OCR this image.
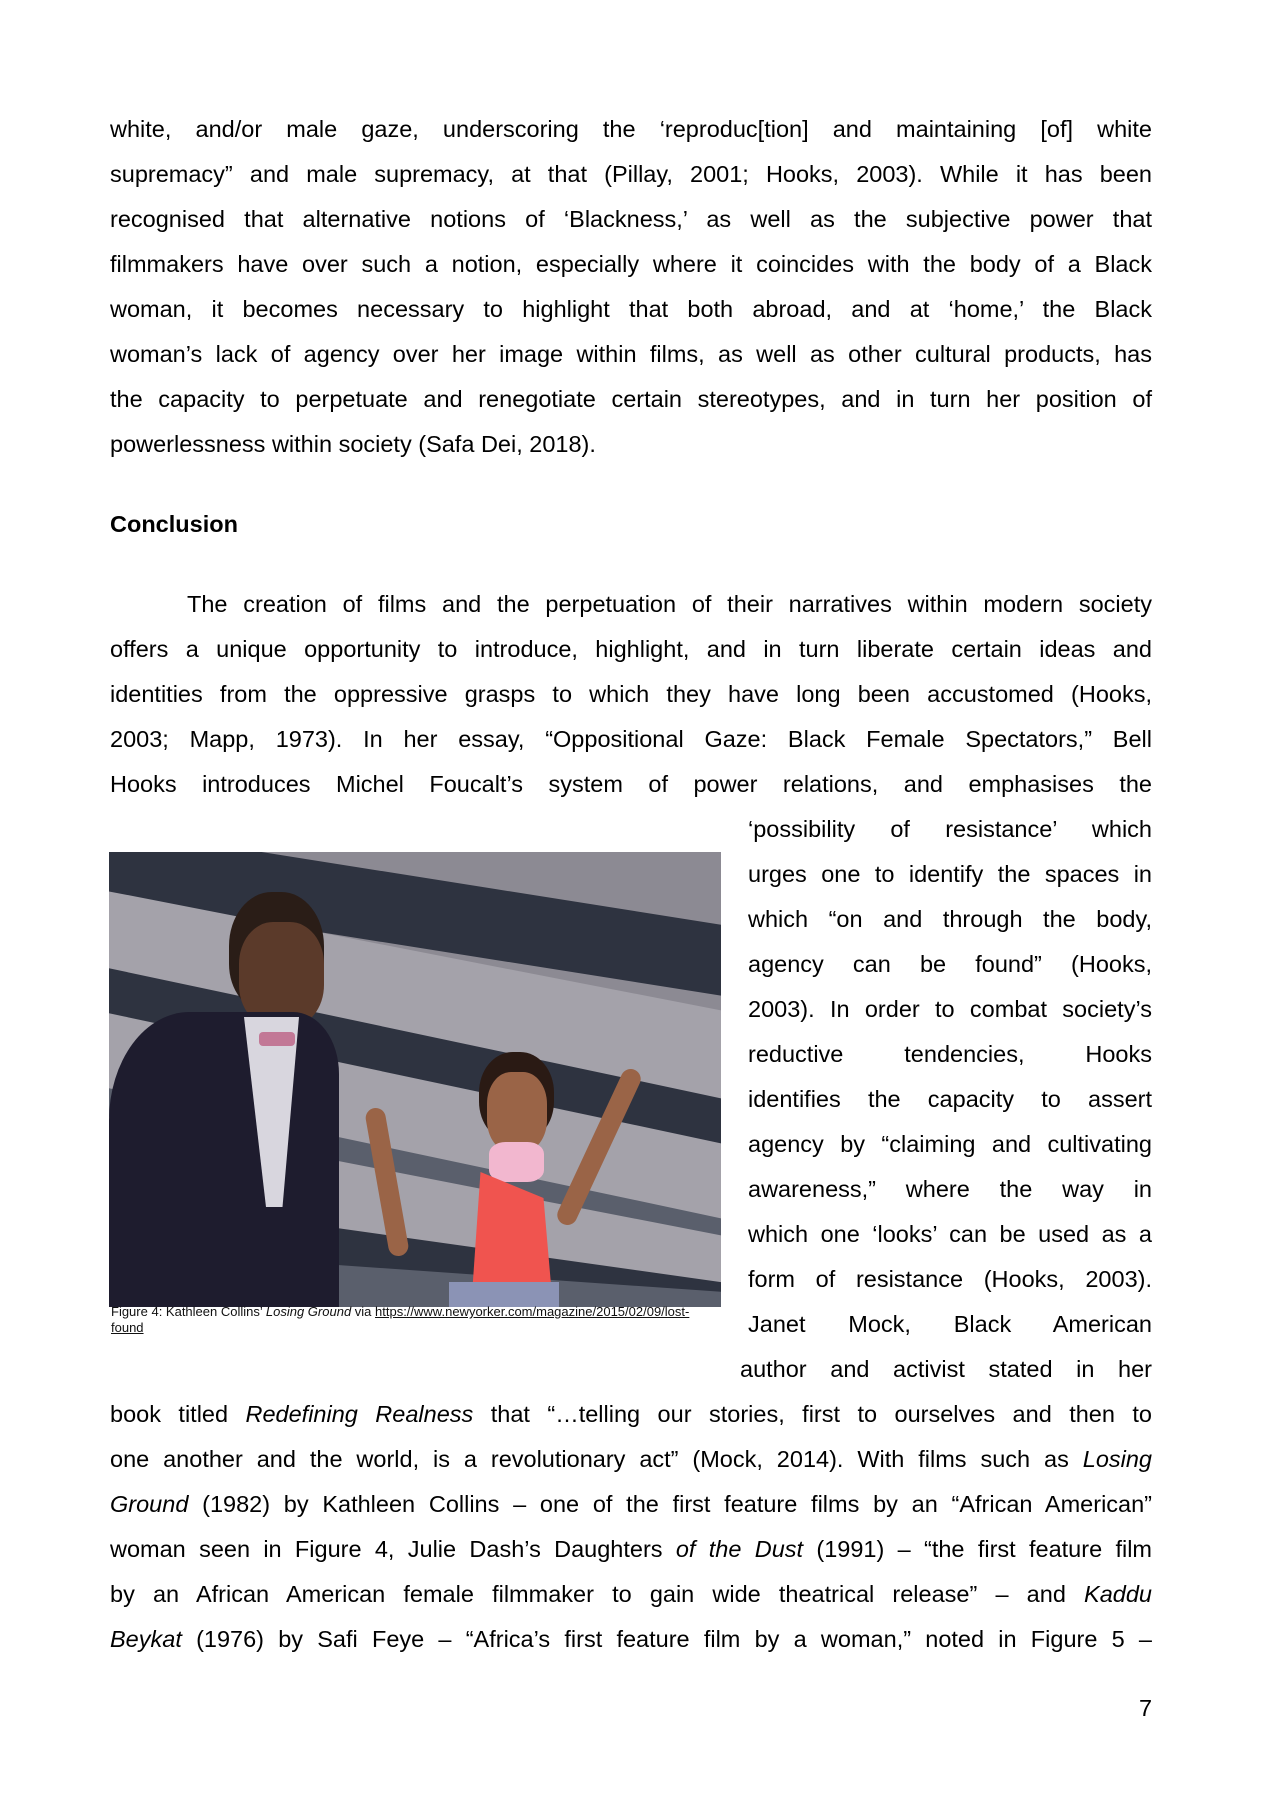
white, and/or male gaze, underscoring the ‘reproduc[tion] and maintaining [of] white
supremacy” and male supremacy, at that (Pillay, 2001; Hooks, 2003). While it has been
recognised that alternative notions of ‘Blackness,’ as well as the subjective power that
filmmakers have over such a notion, especially where it coincides with the body of a Black
woman, it becomes necessary to highlight that both abroad, and at ‘home,’ the Black
woman’s lack of agency over her image within films, as well as other cultural products, has
the capacity to perpetuate and renegotiate certain stereotypes, and in turn her position of
powerlessness within society (Safa Dei, 2018).
Conclusion
The creation of films and the perpetuation of their narratives within modern society
offers a unique opportunity to introduce, highlight, and in turn liberate certain ideas and
identities from the oppressive grasps to which they have long been accustomed (Hooks,
2003; Mapp, 1973). In her essay, “Oppositional Gaze: Black Female Spectators,” Bell
Hooks introduces Michel Foucalt’s system of power relations, and emphasises the
‘possibility of resistance’ which
urges one to identify the spaces in
which “on and through the body,
agency can be found” (Hooks,
2003). In order to combat society’s
reductive tendencies, Hooks
identifies the capacity to assert
agency by “claiming and cultivating
awareness,” where the way in
which one ‘looks’ can be used as a
form of resistance (Hooks, 2003).
Janet Mock, Black American
author and activist stated in her
book titled Redefining Realness that “…telling our stories, first to ourselves and then to
one another and the world, is a revolutionary act” (Mock, 2014). With films such as Losing
Ground (1982) by Kathleen Collins – one of the first feature films by an “African American”
woman seen in Figure 4, Julie Dash’s Daughters of the Dust (1991) – “the first feature film
by an African American female filmmaker to gain wide theatrical release” – and Kaddu
Beykat (1976) by Safi Feye – “Africa’s first feature film by a woman,” noted in Figure 5 –
Figure 4: Kathleen Collins’ Losing Ground via https://www.newyorker.com/magazine/2015/02/09/lost-found
7
